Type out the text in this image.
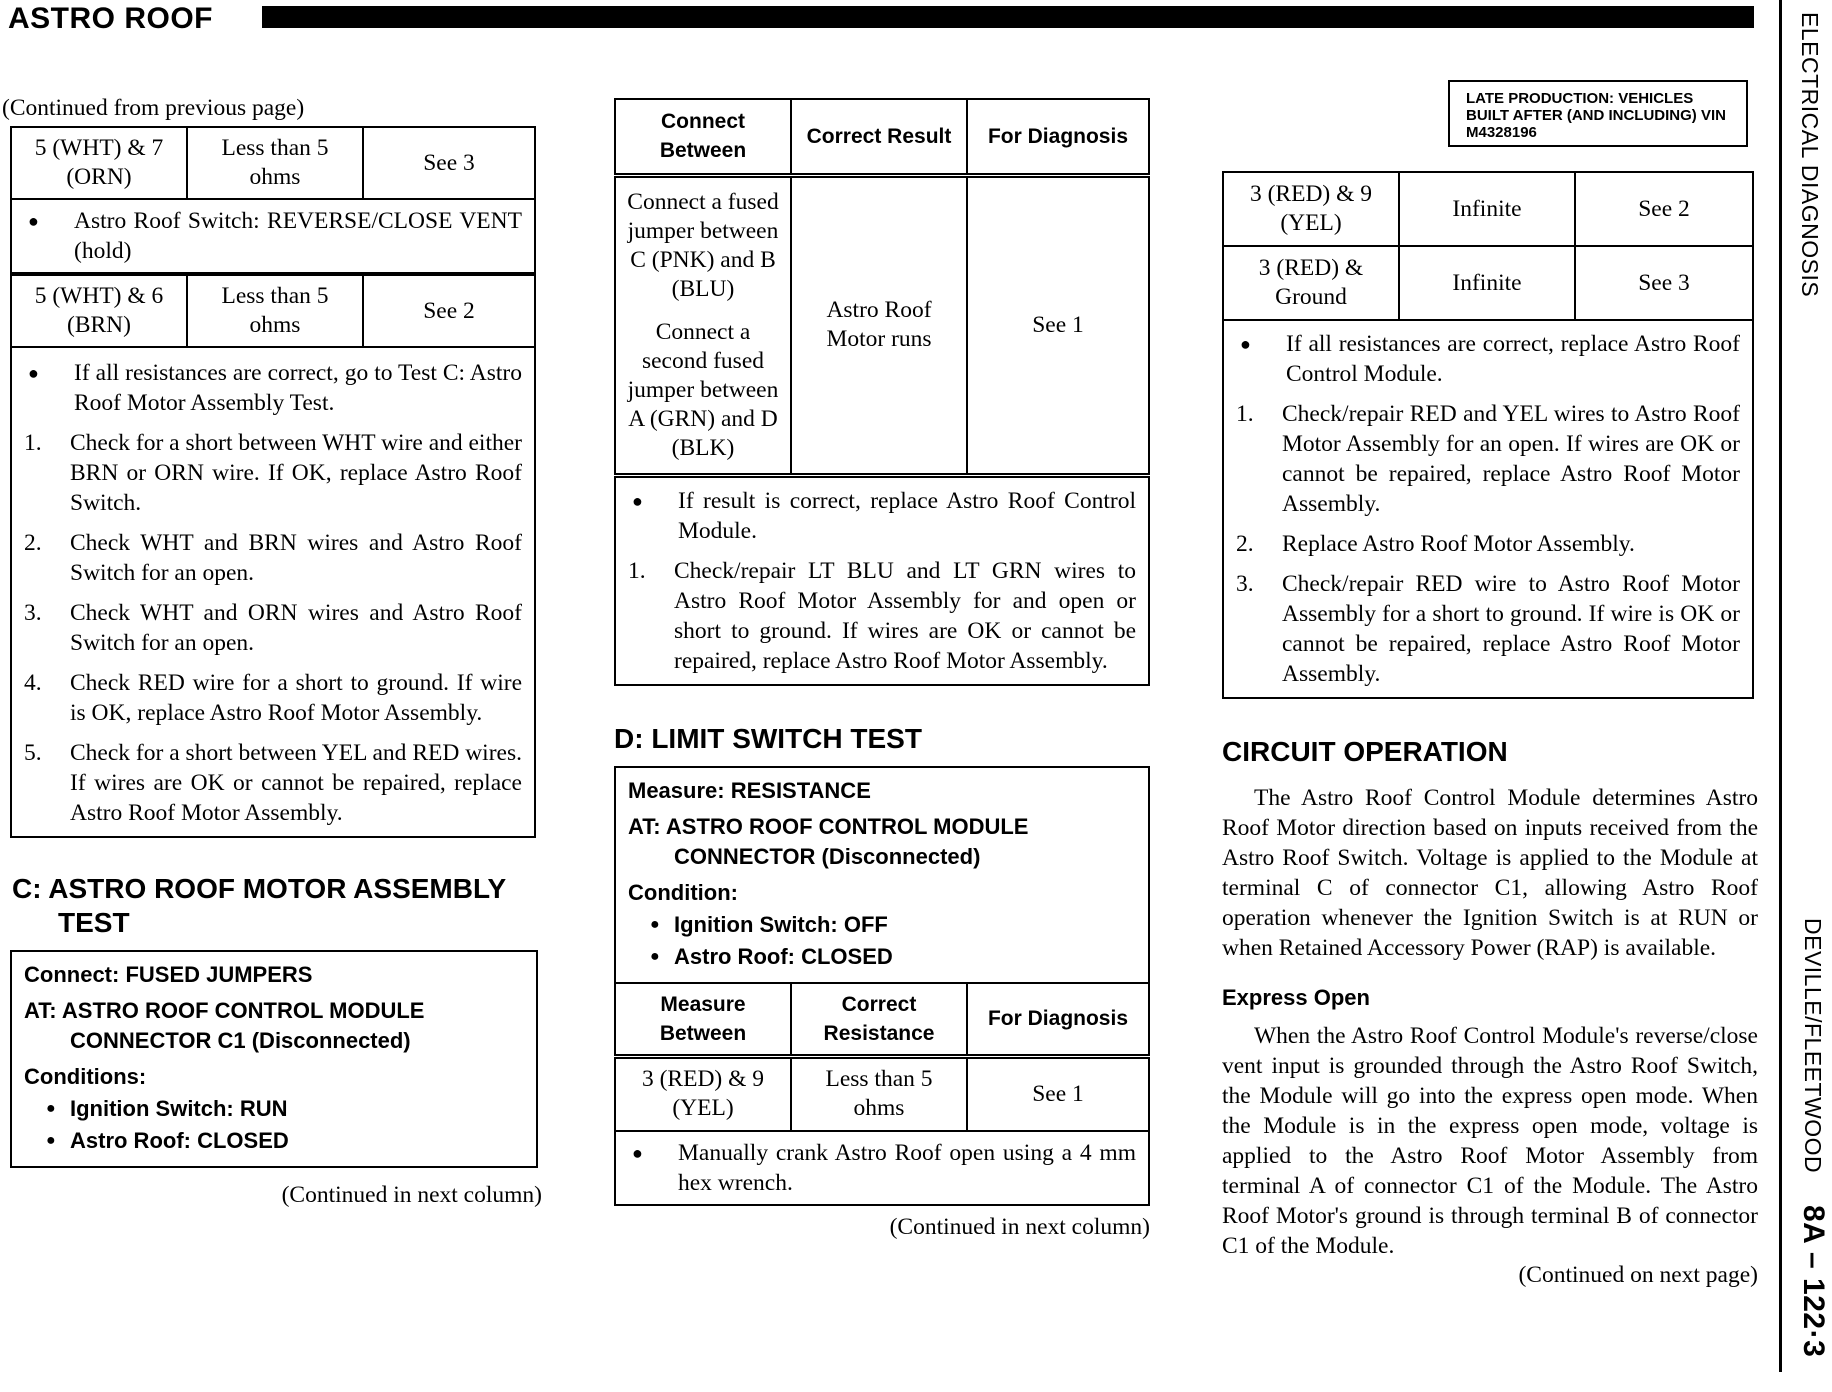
ASTRO ROOF	ELECTRICAL DIAGNOSIS
DEVILLE/FLEETWOOD  8A – 122·3
(Continued from previous page)
5 (WHT) & 7 (ORN)	Less than 5 ohms	See 3
●	Astro Roof Switch: REVERSE/CLOSE VENT (hold)
5 (WHT) & 6 (BRN)	Less than 5 ohms	See 2
●	If all resistances are correct, go to Test C: Astro Roof Motor Assembly Test.
1.	Check for a short between WHT wire and either BRN or ORN wire. If OK, replace Astro Roof Switch.
2.	Check WHT and BRN wires and Astro Roof Switch for an open.
3.	Check WHT and ORN wires and Astro Roof Switch for an open.
4.	Check RED wire for a short to ground. If wire is OK, replace Astro Roof Motor Assembly.
5.	Check for a short between YEL and RED wires. If wires are OK or cannot be repaired, replace Astro Roof Motor Assembly.
C: ASTRO ROOF MOTOR ASSEMBLY TEST
Connect: FUSED JUMPERS
AT: ASTRO ROOF CONTROL MODULE CONNECTOR C1 (Disconnected)
Conditions:
● Ignition Switch: RUN
● Astro Roof: CLOSED
(Continued in next column)
Connect Between	Correct Result	For Diagnosis

Connect a fused jumper between C (PNK) and B (BLU)
Connect a second fused jumper between A (GRN) and D (BLK)	Astro Roof Motor runs	See 1
●	If result is correct, replace Astro Roof Control Module.
1.	Check/repair LT BLU and LT GRN wires to Astro Roof Motor Assembly for and open or short to ground. If wires are OK or cannot be repaired, replace Astro Roof Motor Assembly.
D: LIMIT SWITCH TEST
Measure: RESISTANCE
AT: ASTRO ROOF CONTROL MODULE CONNECTOR (Disconnected)
Condition:
● Ignition Switch: OFF
● Astro Roof: CLOSED
Measure Between	Correct Resistance	For Diagnosis
3 (RED) & 9 (YEL)	Less than 5 ohms	See 1
●	Manually crank Astro Roof open using a 4 mm hex wrench.
(Continued in next column)
LATE PRODUCTION: VEHICLES BUILT AFTER (AND INCLUDING) VIN M4328196
3 (RED) & 9 (YEL)	Infinite	See 2
3 (RED) & Ground	Infinite	See 3
●	If all resistances are correct, replace Astro Roof Control Module.
1.	Check/repair RED and YEL wires to Astro Roof Motor Assembly for an open. If wires are OK or cannot be repaired, replace Astro Roof Motor Assembly.
2.	Replace Astro Roof Motor Assembly.
3.	Check/repair RED wire to Astro Roof Motor Assembly for a short to ground. If wire is OK or cannot be repaired, replace Astro Roof Motor Assembly.
CIRCUIT OPERATION
The Astro Roof Control Module determines Astro Roof Motor direction based on inputs received from the Astro Roof Switch. Voltage is applied to the Module at terminal C of connector C1, allowing Astro Roof operation whenever the Ignition Switch is at RUN or when Retained Accessory Power (RAP) is available.
Express Open
When the Astro Roof Control Module's reverse/close vent input is grounded through the Astro Roof Switch, the Module will go into the express open mode. When the Module is in the express open mode, voltage is applied to the Astro Roof Motor Assembly from terminal A of connector C1 of the Module. The Astro Roof Motor's ground is through terminal B of connector C1 of the Module.
(Continued on next page)
